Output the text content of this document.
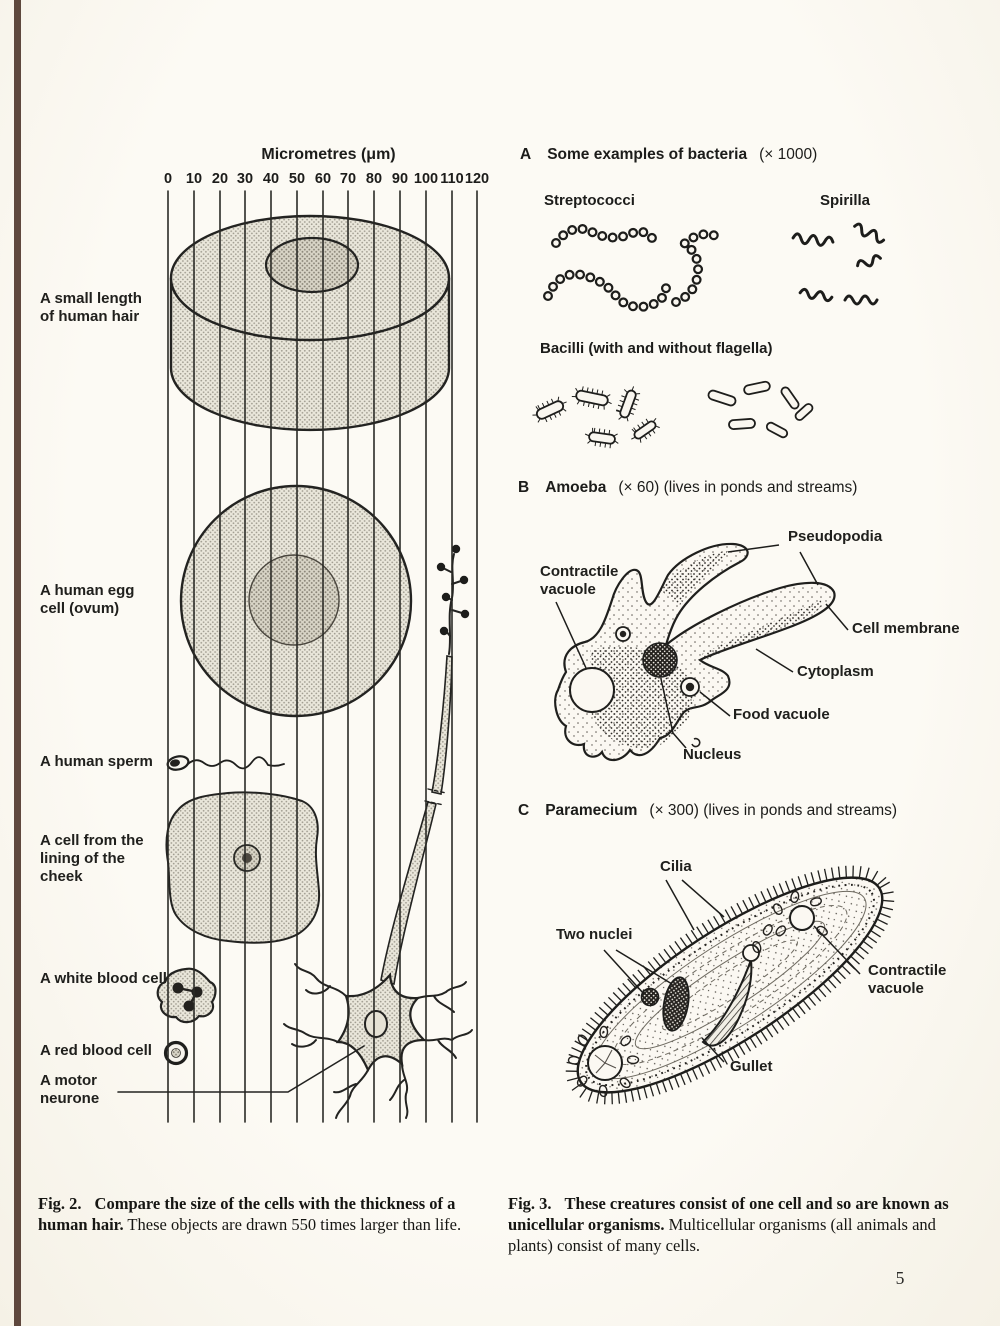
Micrometres (μm)
0 10 20 30 40 50 60 70 80 90 100 110 120
A small length of human hair
A human egg cell (ovum)
A human sperm
A cell from the lining of the cheek
A white blood cell
A red blood cell
A motor neurone
A Some examples of bacteria (× 1000)
Streptococci	Spirilla
Bacilli (with and without flagella)
B Amoeba (× 60) (lives in ponds and streams)
Pseudopodia
Contractile vacuole
Cell membrane
Cytoplasm
Food vacuole
Nucleus
C Paramecium (× 300) (lives in ponds and streams)
Cilia
Two nuclei
Contractile vacuole
Gullet
Fig. 2. Compare the size of the cells with the thickness of a human hair. These objects are drawn 550 times larger than life.
Fig. 3. These creatures consist of one cell and so are known as unicellular organisms. Multicellular organisms (all animals and plants) consist of many cells.
5
